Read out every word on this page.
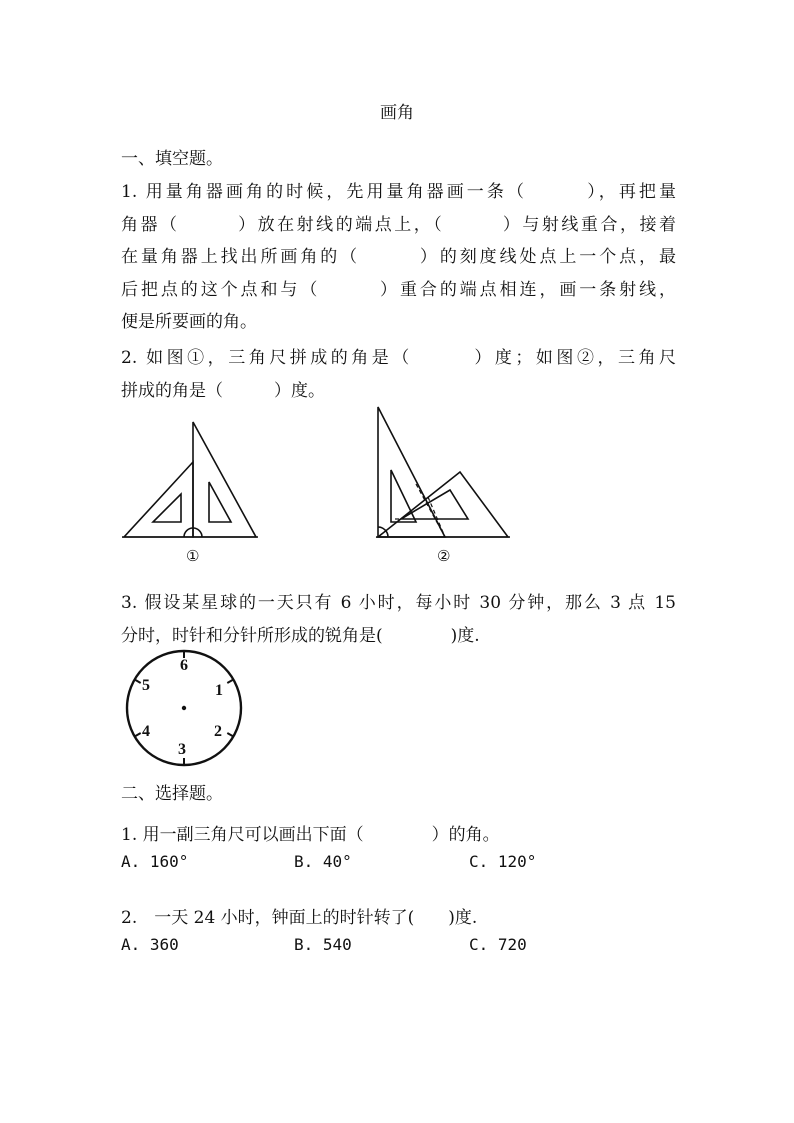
画角
一、填空题。

1. 用量角器画角的时候，先用量角器画一条（　　　），再把量
角器（　　　）放在射线的端点上，（　　　）与射线重合，接着
在量角器上找出所画角的（　　　）的刻度线处点上一个点，最
后把点的这个点和与（　　　）重合的端点相连，画一条射线，
便是所要画的角。

2. 如图①，三角尺拼成的角是（　　　）度；如图②，三角尺
拼成的角是（　　　）度。

①	②

3. 假设某星球的一天只有 6 小时，每小时 30 分钟，那么 3 点 15
分时，时针和分针所形成的锐角是(　　　　)度.

6
1
2
3
4
5
二、选择题。
1. 用一副三角尺可以画出下面（　　　　）的角。
A. 160°	B. 40°	C. 120°
2.　一天 24 小时，钟面上的时针转了(　　)度.
A. 360	B. 540	C. 720
